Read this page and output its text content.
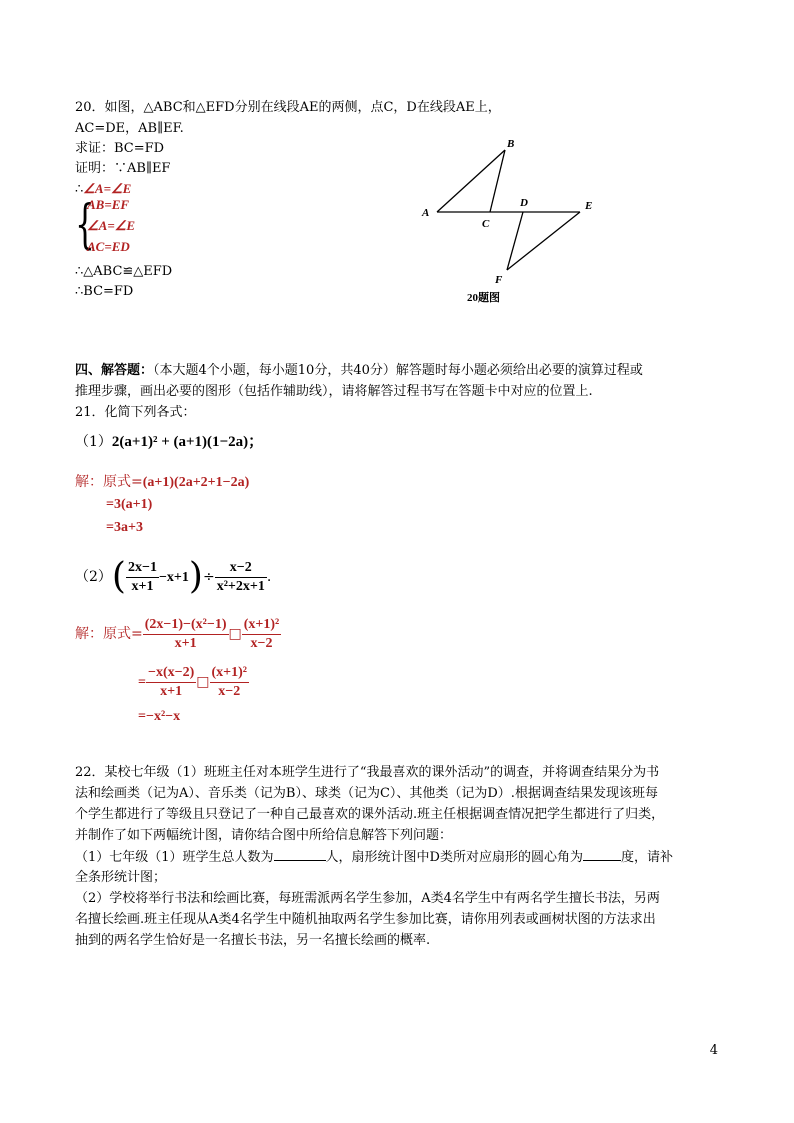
20．如图，△ABC和△EFD分别在线段AE的两侧，点C，D在线段AE上，
AC=DE，AB∥EF.
求证：BC=FD
证明：∵AB∥EF
∴∠A=∠E
{
AB=EF
∠A=∠E
AC=ED
∴△ABC≌△EFD
∴BC=FD
A
B
C
D	E
F
20题图
四、解答题：（本大题4个小题，每小题10分，共40分）解答题时每小题必须给出必要的演算过程或
推理步骤，画出必要的图形（包括作辅助线），请将解答过程书写在答题卡中对应的位置上.
21．化简下列各式：
（1）2(a+1)² + (a+1)(1−2a)；
解：原式=(a+1)(2a+2+1−2a)
=3(a+1)
=3a+3
$(2)( \frac{2x-1}{x+1} -x+1)\div \frac{x-2}{\text{x²+2x+1}}$ .
解：原式= $\frac{\text{(2x−1)−(x²−1)}}{x+1}$ □ $\frac{\text{(x+1)²}}{x-2}$
= $\frac{-x(x-2)}{x+1}$ □ $\frac{\text{(x+1)²}}{x-2}$
=−x²−x
22．某校七年级（1）班班主任对本班学生进行了“我最喜欢的课外活动”的调查，并将调查结果分为书
法和绘画类（记为A）、音乐类（记为B）、球类（记为C）、其他类（记为D）.根据调查结果发现该班每
个学生都进行了等级且只登记了一种自己最喜欢的课外活动.班主任根据调查情况把学生都进行了归类，
并制作了如下两幅统计图，请你结合图中所给信息解答下列问题：
（1）七年级（1）班学生总人数为	人，扇形统计图中D类所对应扇形的圆心角为	度，请补
全条形统计图；
（2）学校将举行书法和绘画比赛，每班需派两名学生参加，A类4名学生中有两名学生擅长书法，另两
名擅长绘画.班主任现从A类4名学生中随机抽取两名学生参加比赛，请你用列表或画树状图的方法求出
抽到的两名学生恰好是一名擅长书法，另一名擅长绘画的概率.
4
